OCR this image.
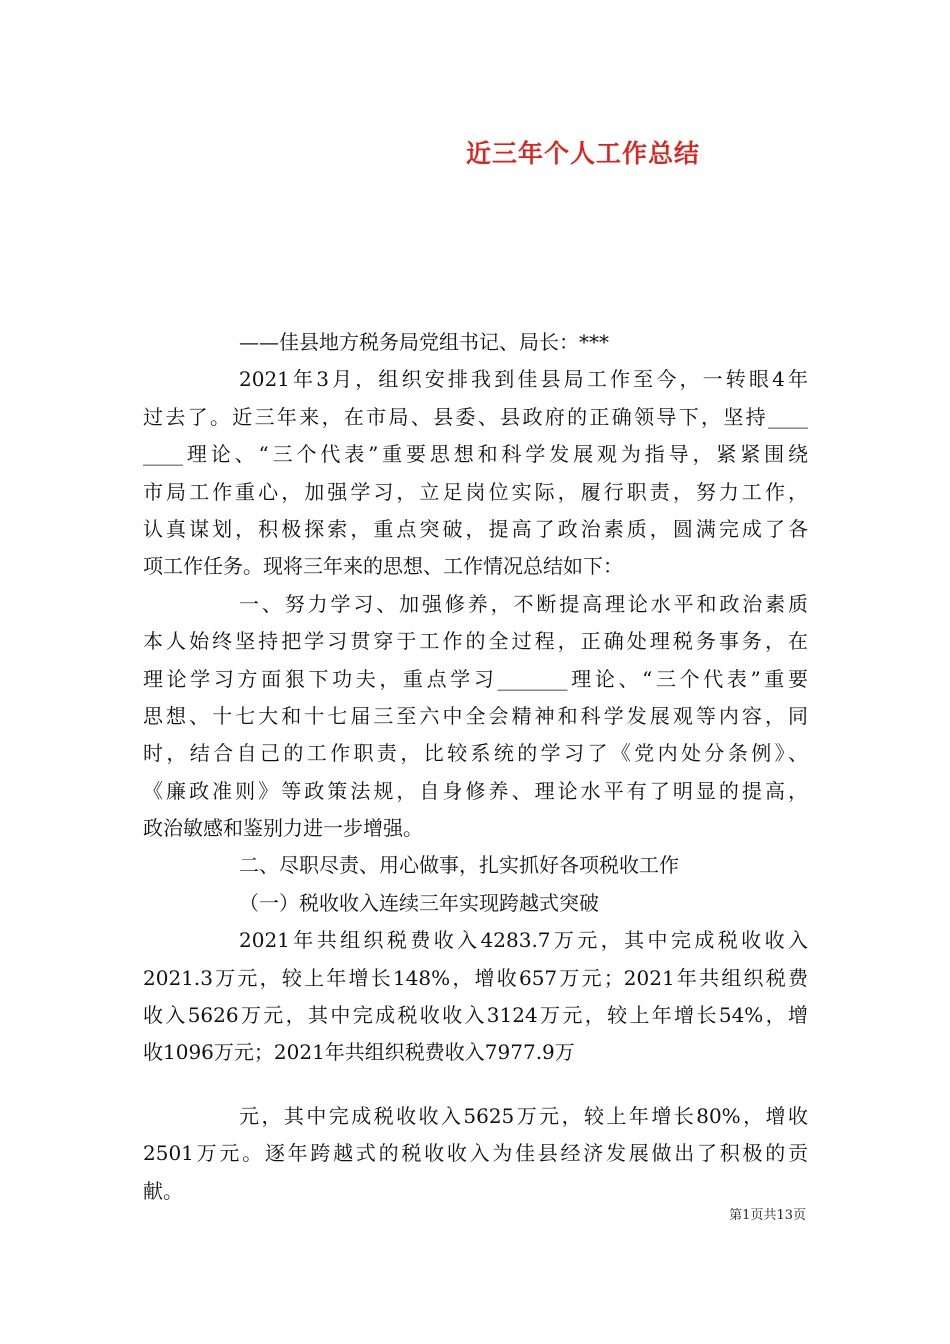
近三年个人工作总结
——佳县地方税务局党组书记、局长：***
2021年3月，组织安排我到佳县局工作至今，一转眼4年
过去了。近三年来，在市局、县委、县政府的正确领导下，坚持____
____理论、“三个代表”重要思想和科学发展观为指导，紧紧围绕
市局工作重心，加强学习，立足岗位实际，履行职责，努力工作，
认真谋划，积极探索，重点突破，提高了政治素质，圆满完成了各
项工作任务。现将三年来的思想、工作情况总结如下：
一、努力学习、加强修养，不断提高理论水平和政治素质
本人始终坚持把学习贯穿于工作的全过程，正确处理税务事务，在
理论学习方面狠下功夫，重点学习_______理论、“三个代表”重要
思想、十七大和十七届三至六中全会精神和科学发展观等内容，同
时，结合自己的工作职责，比较系统的学习了《党内处分条例》、
《廉政准则》等政策法规，自身修养、理论水平有了明显的提高，
政治敏感和鉴别力进一步增强。
二、尽职尽责、用心做事，扎实抓好各项税收工作
（一）税收收入连续三年实现跨越式突破
2021年共组织税费收入4283.7万元，其中完成税收收入
2021.3万元，较上年增长148%，增收657万元；2021年共组织税费
收入5626万元，其中完成税收收入3124万元，较上年增长54%，增
收1096万元；2021年共组织税费收入7977.9万
元，其中完成税收收入5625万元，较上年增长80%，增收
2501万元。逐年跨越式的税收收入为佳县经济发展做出了积极的贡
献。
第1页共13页
